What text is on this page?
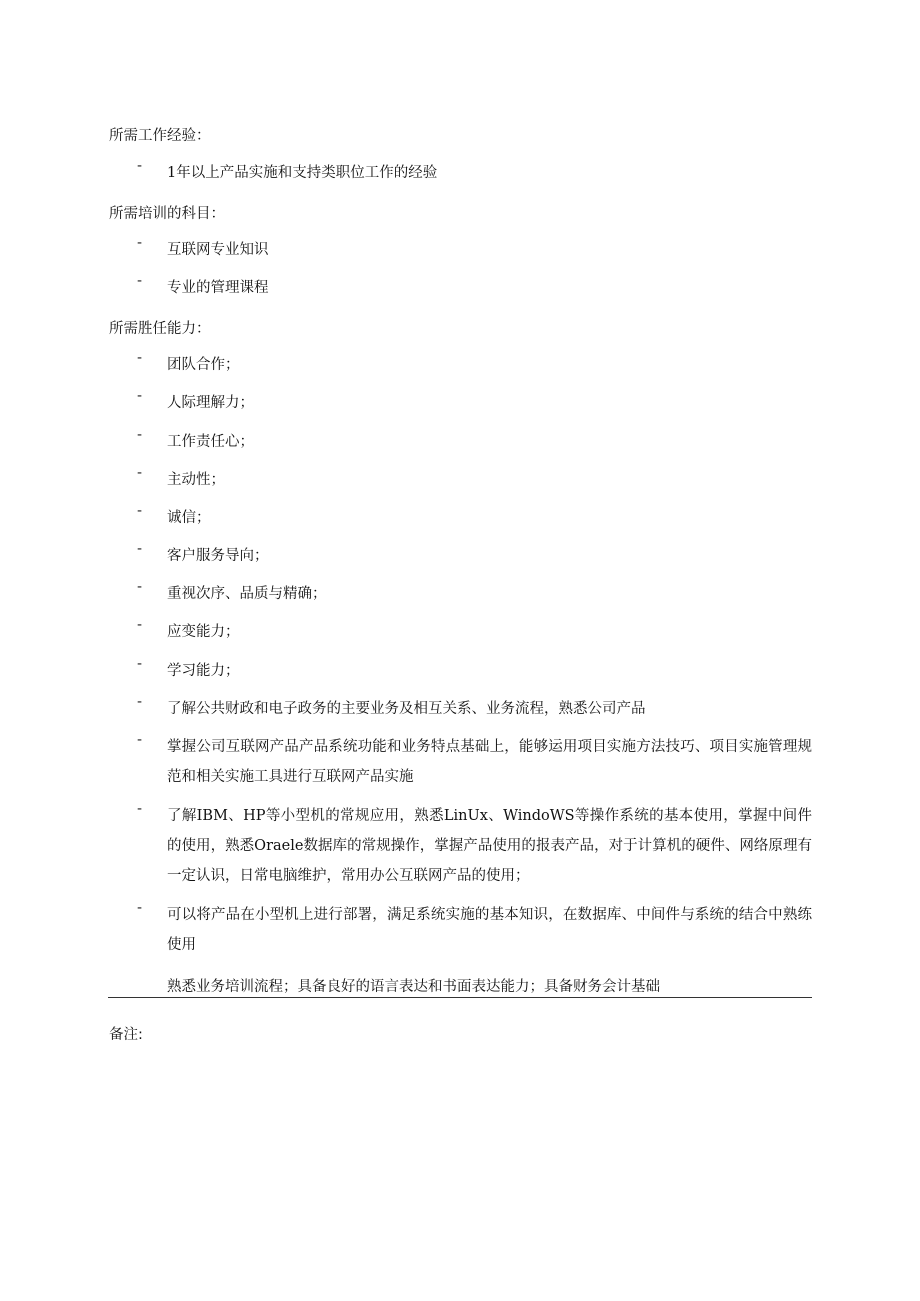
所需工作经验：
- 1年以上产品实施和支持类职位工作的经验
所需培训的科目：
- 互联网专业知识
- 专业的管理课程
所需胜任能力：
- 团队合作；
- 人际理解力；
- 工作责任心；
- 主动性；
- 诚信；
- 客户服务导向；
- 重视次序、品质与精确；
- 应变能力；
- 学习能力；
- 了解公共财政和电子政务的主要业务及相互关系、业务流程，熟悉公司产品
- 掌握公司互联网产品产品系统功能和业务特点基础上，能够运用项目实施方法技巧、项目实施管理规范和相关实施工具进行互联网产品实施
- 了解IBM、HP等小型机的常规应用，熟悉LinUx、WindoWS等操作系统的基本使用，掌握中间件的使用，熟悉Oraele数据库的常规操作，掌握产品使用的报表产品，对于计算机的硬件、网络原理有一定认识，日常电脑维护，常用办公互联网产品的使用；
- 可以将产品在小型机上进行部署，满足系统实施的基本知识，在数据库、中间件与系统的结合中熟练使用
熟悉业务培训流程；具备良好的语言表达和书面表达能力；具备财务会计基础
备注:
